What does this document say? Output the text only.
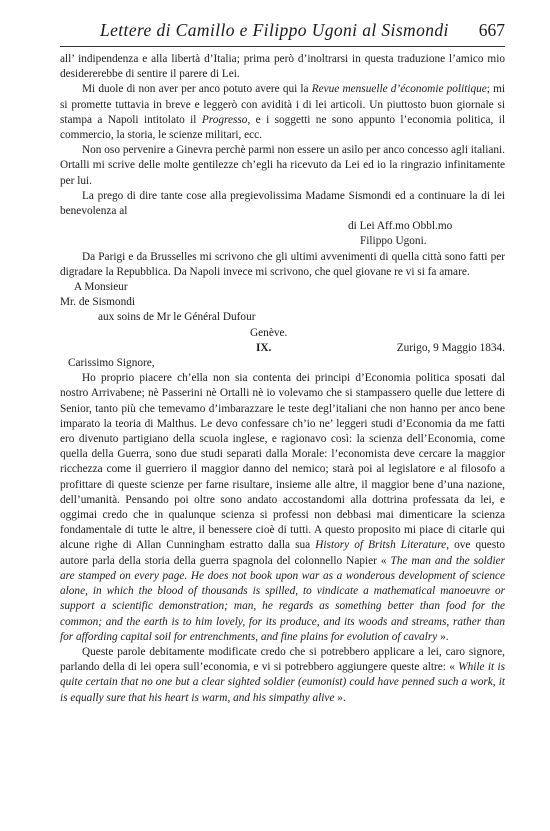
Lettere di Camillo e Filippo Ugoni al Sismondi 667

all’ indipendenza e alla libertà d’Italia; prima però d’inoltrarsi in questa traduzione l’amico mio desidererebbe di sentire il parere di Lei.

Mi duole di non aver per anco potuto avere qui la Revue mensuelle d’économie politique; mi si promette tuttavia in breve e leggerò con avidità i di lei articoli. Un piuttosto buon giornale si stampa a Napoli intitolato il Progresso, e i soggetti ne sono appunto l’economia politica, il commercio, la storia, le scienze militari, ecc.

Non oso pervenire a Ginevra perchè parmi non essere un asilo per anco concesso agli italiani. Ortalli mi scrive delle molte gentilezze ch’egli ha ricevuto da Lei ed io la ringrazio infinitamente per lui.

La prego di dire tante cose alla pregievolissima Madame Sismondi ed a continuare la di lei benevolenza al

di Lei Aff.mo Obbl.mo

Filippo Ugoni.

Da Parigi e da Brusselles mi scrivono che gli ultimi avvenimenti di quella città sono fatti per digradare la Repubblica. Da Napoli invece mi scrivono, che quel giovane re vi si fa amare.

A Monsieur

Mr. de Sismondi

aux soins de Mr le Général Dufour

Genève.

IX.	Zurigo, 9 Maggio 1834.

Carissimo Signore,

Ho proprio piacere ch’ella non sia contenta dei principi d’Economia politica sposati dal nostro Arrivabene; nè Passerini nè Ortalli nè io volevamo che si stampassero quelle due lettere di Senior, tanto più che temevamo d’imbarazzare le teste degl’italiani che non hanno per anco bene imparato la teoria di Malthus. Le devo confessare ch’io ne’ leggeri studi d’Economia da me fatti ero divenuto partigiano della scuola inglese, e ragionavo così: la scienza dell’Economia, come quella della Guerra, sono due studi separati dalla Morale: l’economista deve cercare la maggior ricchezza come il guerriero il maggior danno del nemico; starà poi al legislatore e al filosofo a profittare di queste scienze per farne risultare, insieme alle altre, il maggior bene d’una nazione, dell’umanità. Pensando poi oltre sono andato accostandomi alla dottrina professata da lei, e oggimai credo che in qualunque scienza si professi non debbasi mai dimenticare la scienza fondamentale di tutte le altre, il benessere cioè di tutti. A questo proposito mi piace di citarle qui alcune righe di Allan Cunningham estratto dalla sua History of Britsh Literature, ove questo autore parla della storia della guerra spagnola del colonnello Napier « The man and the soldier are stamped on every page. He does not book upon war as a wonderous development of science alone, in which the blood of thousands is spilled, to vindicate a mathematical manoeuvre or support a scientific demonstration; man, he regards as something better than food for the common; and the earth is to him lovely, for its produce, and its woods and streams, rather than for affording capital soil for entrenchments, and fine plains for evolution of cavalry ».

Queste parole debitamente modificate credo che si potrebbero applicare a lei, caro signore, parlando della di lei opera sull’economia, e vi si potrebbero aggiungere queste altre: « While it is quite certain that no one but a clear sighted soldier (eumonist) could have penned such a work, it is equally sure that his heart is warm, and his simpathy alive ».
